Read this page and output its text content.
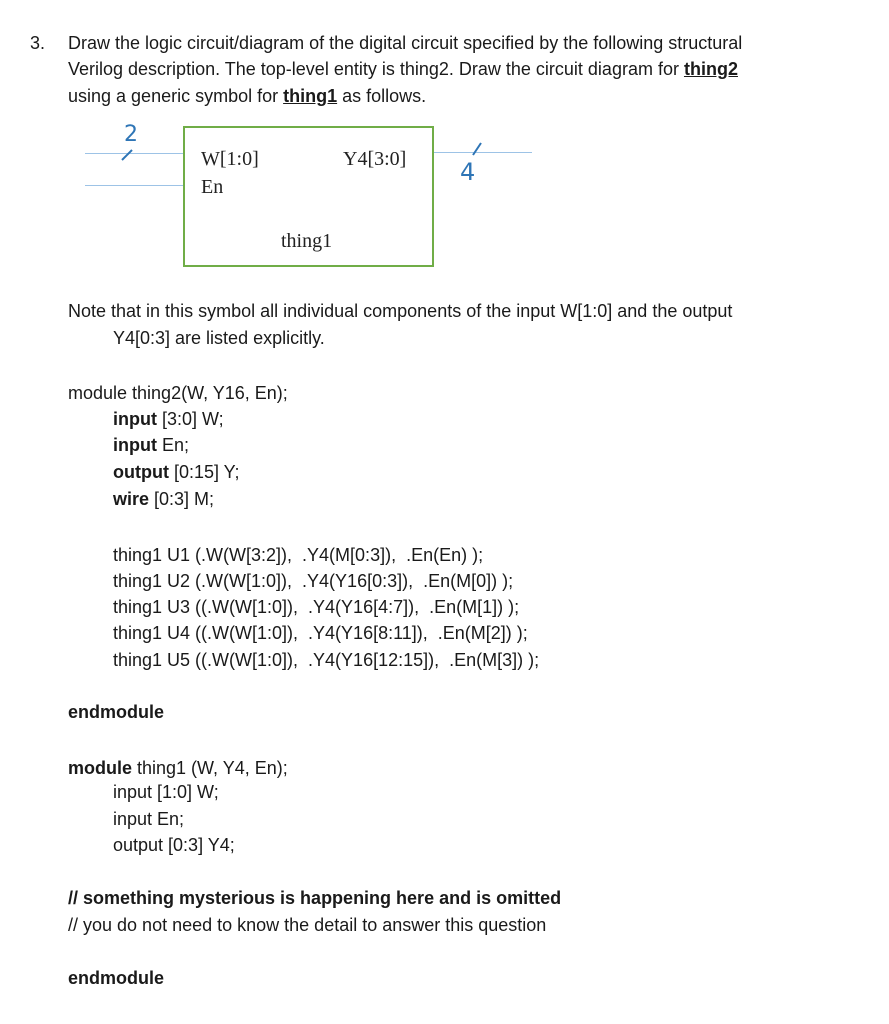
3. Draw the logic circuit/diagram of the digital circuit specified by the following structural
Verilog description. The top-level entity is thing2. Draw the circuit diagram for thing2
using a generic symbol for thing1 as follows.
2
4
W[1:0]
En
Y4[3:0]
thing1
Note that in this symbol all individual components of the input W[1:0] and the output
Y4[0:3] are listed explicitly.
module thing2(W, Y16, En);
input [3:0] W;
input En;
output [0:15] Y;
wire [0:3] M;
thing1 U1 (.W(W[3:2]),  .Y4(M[0:3]),  .En(En) );
thing1 U2 (.W(W[1:0]),  .Y4(Y16[0:3]),  .En(M[0]) );
thing1 U3 ((.W(W[1:0]),  .Y4(Y16[4:7]),  .En(M[1]) );
thing1 U4 ((.W(W[1:0]),  .Y4(Y16[8:11]),  .En(M[2]) );
thing1 U5 ((.W(W[1:0]),  .Y4(Y16[12:15]),  .En(M[3]) );
endmodule
module thing1 (W, Y4, En);
input [1:0] W;
input En;
output [0:3] Y4;
// something mysterious is happening here and is omitted
// you do not need to know the detail to answer this question
endmodule
